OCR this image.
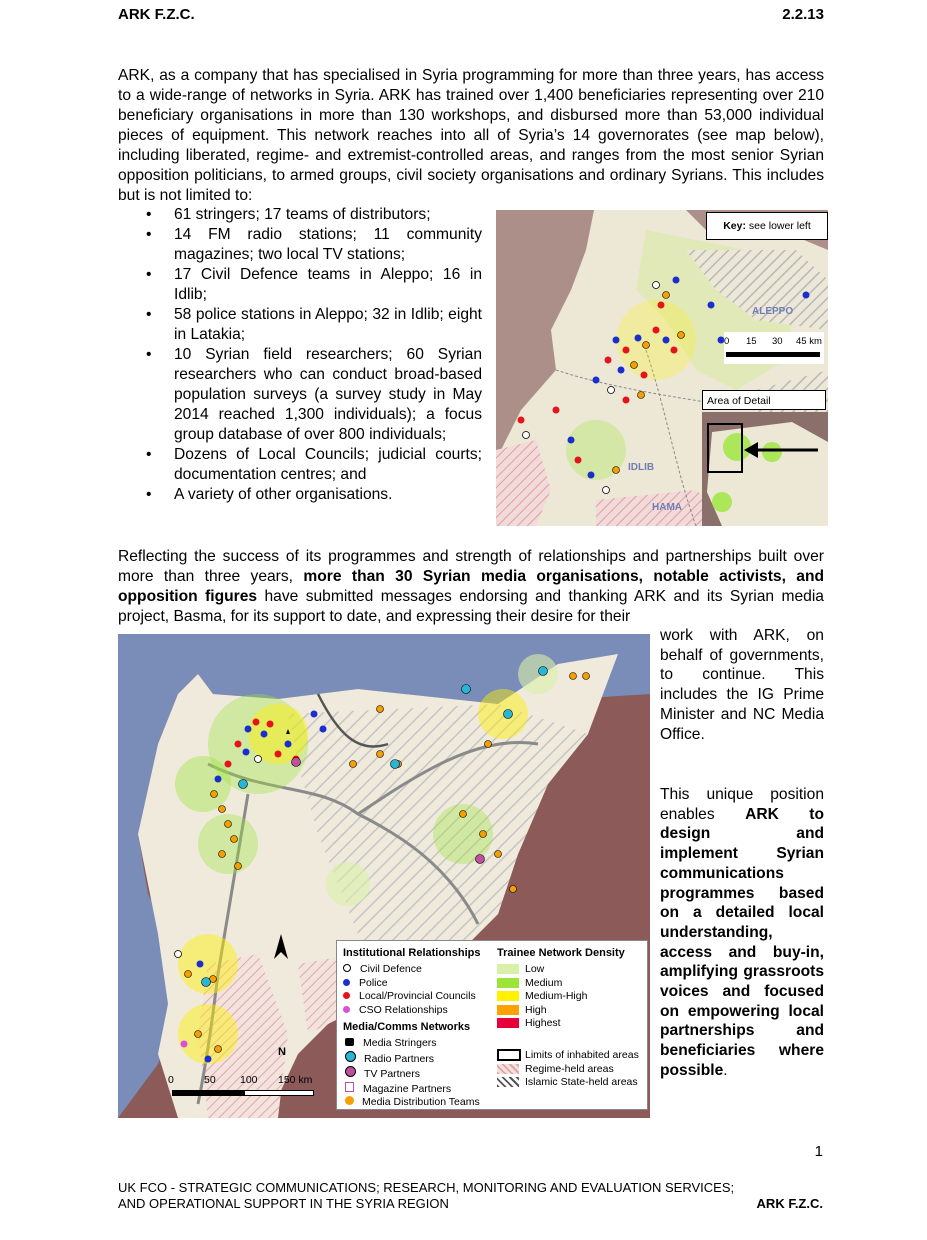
ARK F.Z.C.	2.2.13

ARK, as a company that has specialised in Syria programming for more than three years, has access to a wide-range of networks in Syria. ARK has trained over 1,400 beneficiaries representing over 210 beneficiary organisations in more than 130 workshops, and disbursed more than 53,000 individual pieces of equipment. This network reaches into all of Syria’s 14 governorates (see map below), including liberated, regime- and extremist-controlled areas, and ranges from the most senior Syrian opposition politicians, to armed groups, civil society organisations and ordinary Syrians. This includes but is not limited to:

• 61 stringers; 17 teams of distributors;
• 14 FM radio stations; 11 community magazines; two local TV stations;
• 17 Civil Defence teams in Aleppo; 16 in Idlib;
• 58 police stations in Aleppo; 32 in Idlib; eight in Latakia;
• 10 Syrian field researchers; 60 Syrian researchers who can conduct broad-based population surveys (a survey study in May 2014 reached 1,300 individuals); a focus group database of over 800 individuals;
• Dozens of Local Councils; judicial courts; documentation centres; and
• A variety of other organisations.
Key: see lower left
ALEPPO
IDLIB
HAMA
0 15 30 45 km
Area of Detail

Reflecting the success of its programmes and strength of relationships and partnerships built over more than three years, more than 30 Syrian media organisations, notable activists, and opposition figures have submitted messages endorsing and thanking ARK and its Syrian media project, Basma, for its support to date, and expressing their desire for their

Institutional Relationships
Civil Defence
Police
Local/Provincial Councils
CSO Relationships
Media/Comms Networks
Media Stringers
Radio Partners
TV Partners
Magazine Partners
Media Distribution Teams
Trainee Network Density
Low
Medium
Medium-High
High
Highest
Limits of inhabited areas
Regime-held areas
Islamic State-held areas
N
0	50 100 150 km

work with ARK, on behalf of governments, to continue. This includes the IG Prime Minister and NC Media Office.

This unique position enables ARK to design and implement Syrian communications programmes based on a detailed local understanding, access and buy-in, amplifying grassroots voices and focused on empowering local partnerships and beneficiaries where possible.

1
UK FCO - STRATEGIC COMMUNICATIONS; RESEARCH, MONITORING AND EVALUATION SERVICES;
AND OPERATIONAL SUPPORT IN THE SYRIA REGION	ARK F.Z.C.
